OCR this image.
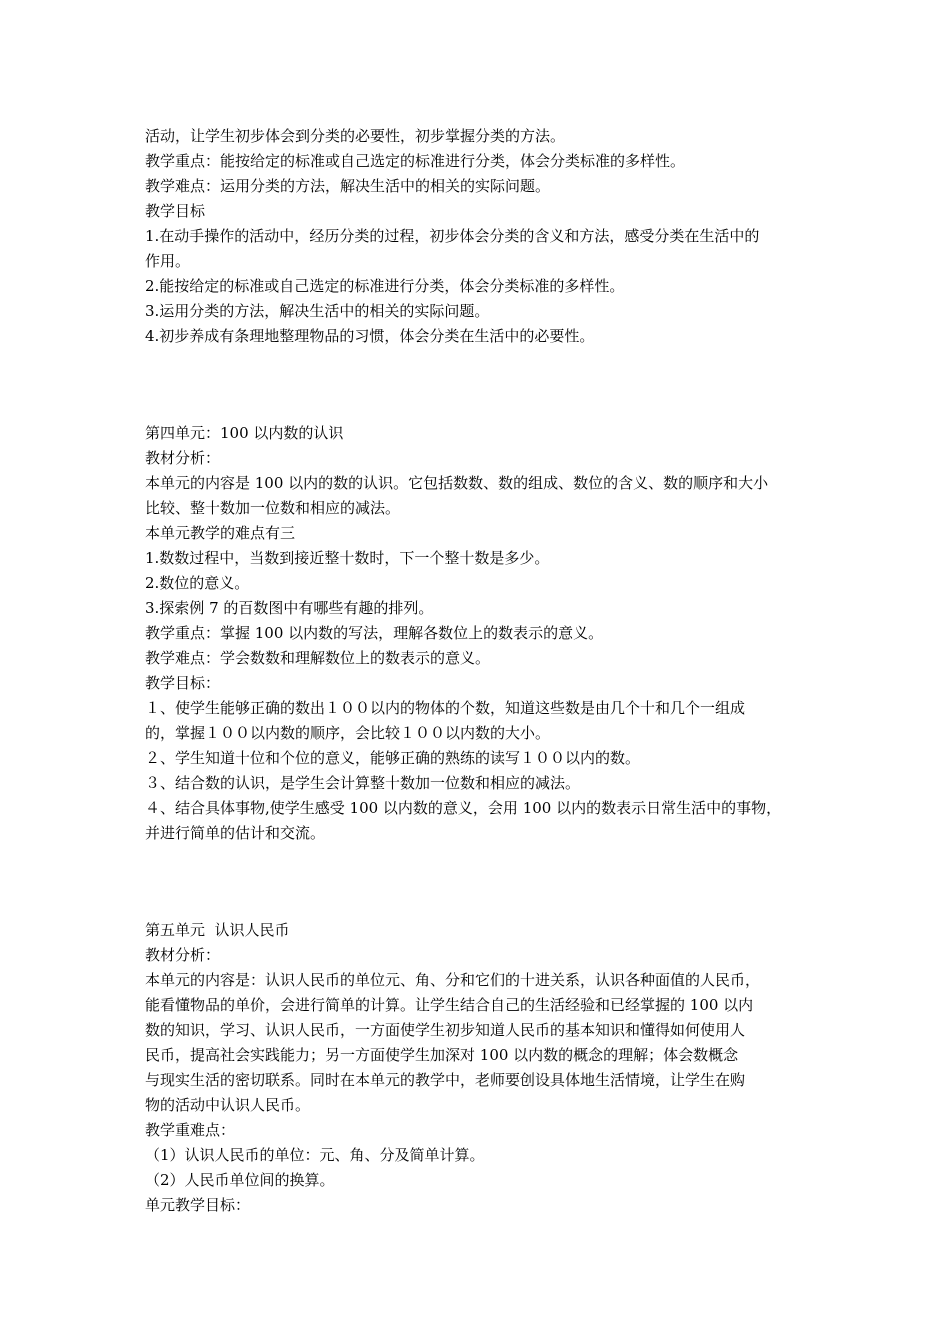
活动，让学生初步体会到分类的必要性，初步掌握分类的方法。
教学重点：能按给定的标准或自己选定的标准进行分类，体会分类标准的多样性。
教学难点：运用分类的方法，解决生活中的相关的实际问题。
教学目标
1.在动手操作的活动中，经历分类的过程，初步体会分类的含义和方法，感受分类在生活中的
作用。
2.能按给定的标准或自己选定的标准进行分类，体会分类标准的多样性。
3.运用分类的方法，解决生活中的相关的实际问题。
4.初步养成有条理地整理物品的习惯，体会分类在生活中的必要性。
第四单元：100 以内数的认识
教材分析：
本单元的内容是 100 以内的数的认识。它包括数数、数的组成、数位的含义、数的顺序和大小
比较、整十数加一位数和相应的减法。
本单元教学的难点有三
1.数数过程中，当数到接近整十数时，下一个整十数是多少。
2.数位的意义。
3.探索例 7 的百数图中有哪些有趣的排列。
教学重点：掌握 100 以内数的写法，理解各数位上的数表示的意义。
教学难点：学会数数和理解数位上的数表示的意义。
教学目标：
１、使学生能够正确的数出１００以内的物体的个数，知道这些数是由几个十和几个一组成
的，掌握１００以内数的顺序，会比较１００以内数的大小。
２、学生知道十位和个位的意义，能够正确的熟练的读写１００以内的数。
３、结合数的认识，是学生会计算整十数加一位数和相应的减法。
４、结合具体事物,使学生感受 100 以内数的意义，会用 100 以内的数表示日常生活中的事物，
并进行简单的估计和交流。
第五单元  认识人民币
教材分析：
本单元的内容是：认识人民币的单位元、角、分和它们的十进关系，认识各种面值的人民币，
能看懂物品的单价，会进行简单的计算。让学生结合自己的生活经验和已经掌握的 100 以内
数的知识，学习、认识人民币，一方面使学生初步知道人民币的基本知识和懂得如何使用人
民币，提高社会实践能力；另一方面使学生加深对 100 以内数的概念的理解；体会数概念
与现实生活的密切联系。同时在本单元的教学中，老师要创设具体地生活情境，让学生在购
物的活动中认识人民币。
教学重难点：
（1）认识人民币的单位：元、角、分及简单计算。
（2）人民币单位间的换算。
单元教学目标：
